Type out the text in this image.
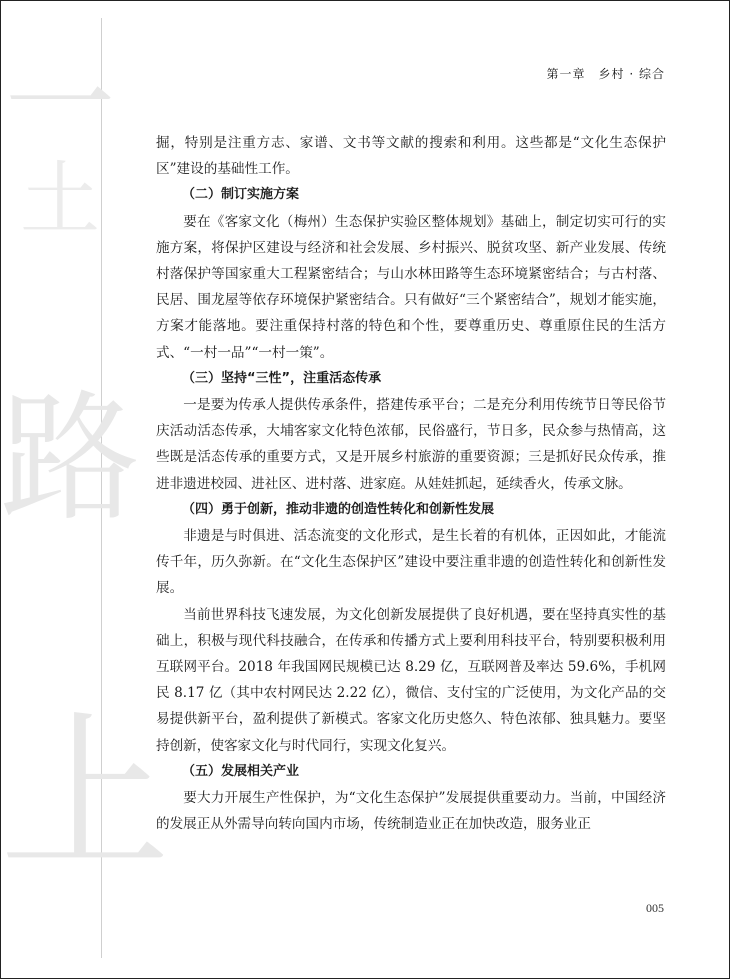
一
土
路
上
第一章　乡村 · 综合

掘，特别是注重方志、家谱、文书等文献的搜索和利用。这些都是“文化生态保护区”建设的基础性工作。

（二）制订实施方案

要在《客家文化（梅州）生态保护实验区整体规划》基础上，制定切实可行的实施方案，将保护区建设与经济和社会发展、乡村振兴、脱贫攻坚、新产业发展、传统村落保护等国家重大工程紧密结合；与山水林田路等生态环境紧密结合；与古村落、民居、围龙屋等依存环境保护紧密结合。只有做好“三个紧密结合”，规划才能实施，方案才能落地。要注重保持村落的特色和个性，要尊重历史、尊重原住民的生活方式、“一村一品”“一村一策”。

（三）坚持“三性”，注重活态传承

一是要为传承人提供传承条件，搭建传承平台；二是充分利用传统节日等民俗节庆活动活态传承，大埔客家文化特色浓郁，民俗盛行，节日多，民众参与热情高，这些既是活态传承的重要方式，又是开展乡村旅游的重要资源；三是抓好民众传承，推进非遗进校园、进社区、进村落、进家庭。从娃娃抓起，延续香火，传承文脉。

（四）勇于创新，推动非遗的创造性转化和创新性发展

非遗是与时俱进、活态流变的文化形式，是生长着的有机体，正因如此，才能流传千年，历久弥新。在“文化生态保护区”建设中要注重非遗的创造性转化和创新性发展。

当前世界科技飞速发展，为文化创新发展提供了良好机遇，要在坚持真实性的基础上，积极与现代科技融合，在传承和传播方式上要利用科技平台，特别要积极利用互联网平台。2018 年我国网民规模已达 8.29 亿，互联网普及率达 59.6%，手机网民 8.17 亿（其中农村网民达 2.22 亿），微信、支付宝的广泛使用，为文化产品的交易提供新平台，盈利提供了新模式。客家文化历史悠久、特色浓郁、独具魅力。要坚持创新，使客家文化与时代同行，实现文化复兴。

（五）发展相关产业

要大力开展生产性保护，为“文化生态保护”发展提供重要动力。当前，中国经济的发展正从外需导向转向国内市场，传统制造业正在加快改造，服务业正

005
